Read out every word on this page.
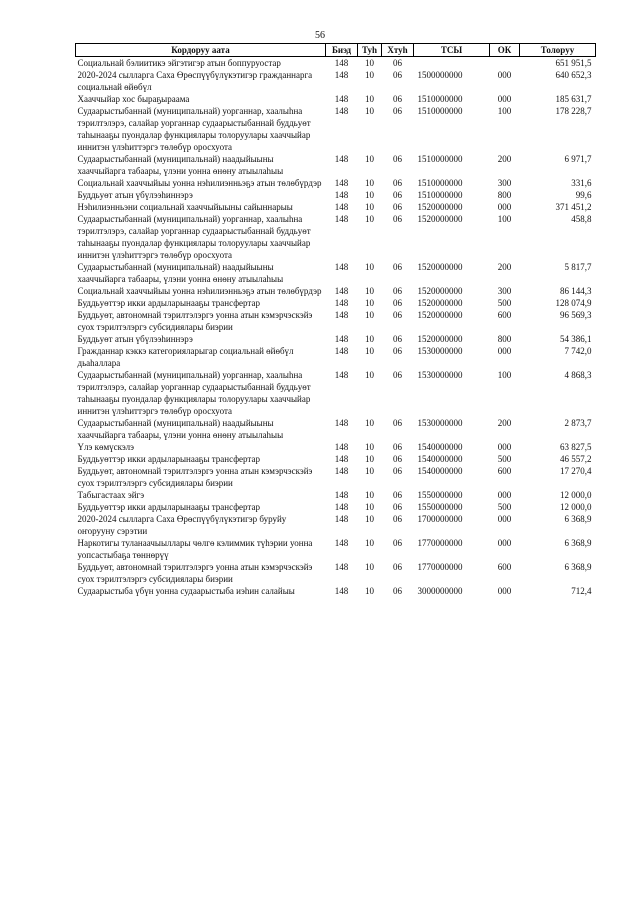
56
Кордоруу аата	Биэд	Туh	Хтуh	ТСЫ	ОК	Толоруу
Социальнай бэлиитикэ эйгэтигэр атын боппуруостар	148	10	06			651 951,5

2020-2024 сылларга Саха Өрөспүүбүлүкэтигэр гражданнарга социальнай өйөбүл	148	10	06	1500000000	000	640 652,3
Хааччыйар хос быраҕыраама	148	10	06	1510000000	000	185 631,7
Судаарыстыбаннай (муниципальнай) уорганнар, хаалыhна тэрилтэлэрэ, салайар уорганнар судаарыстыбаннай буддьуөт таhынааҕы пуондалар функциялары толоруулары хааччыйар иннитэн үлэhиттэргэ төлөбүр оросхуота	148	10	06	1510000000	100	178 228,7

Судаарыстыбаннай (муниципальнай) наадыйыыны хааччыйарга табаары, үлэни уонна өнөну атыылаhыы	148	10	06	1510000000	200	6 971,7

Социальнай хааччыйыы уонна нэhилиэнньэҕэ атын төлөбүрдэр	148	10	06	1510000000	300	331,6
Буддьуөт атын үбүлээhиннэрэ	148	10	06	1510000000	800	99,6
Нэhилиэнньэни социальнай хааччыйыыны сайыннарыы	148	10	06	1520000000	000	371 451,2
Судаарыстыбаннай (муниципальнай) уорганнар, хаалыhна тэрилтэлэрэ, салайар уорганнар судаарыстыбаннай буддьуөт таhынааҕы пуондалар функциялары толоруулары хааччыйар иннитэн үлэhиттэргэ төлөбүр оросхуота	148	10	06	1520000000	100	458,8

Судаарыстыбаннай (муниципальнай) наадыйыыны хааччыйарга табаары, үлэни уонна өнөну атыылаhыы	148	10	06	1520000000	200	5 817,7

Социальнай хааччыйыы уонна нэhилиэнньэҕэ атын төлөбүрдэр	148	10	06	1520000000	300	86 144,3
Буддьуөттэр икки ардыларынааҕы трансфертар	148	10	06	1520000000	500	128 074,9
Буддьуөт, автономнай тэрилтэлэргэ уонна атын кэмэрчэскэйэ суох тэрилтэлэргэ субсидиялары биэрии	148	10	06	1520000000	600	96 569,3
Буддьуөт атын үбүлээhиннэрэ	148	10	06	1520000000	800	54 386,1
Гражданнар кэккэ категорияларыгар социальнай өйөбүл дьаhаллара	148	10	06	1530000000	000	7 742,0
Судаарыстыбаннай (муниципальнай) уорганнар, хаалыhна тэрилтэлэрэ, салайар уорганнар судаарыстыбаннай буддьуөт таhынааҕы пуондалар функциялары толоруулары хааччыйар иннитэн үлэhиттэргэ төлөбүр оросхуота	148	10	06	1530000000	100	4 868,3

Судаарыстыбаннай (муниципальнай) наадыйыыны хааччыйарга табаары, үлэни уонна өнөну атыылаhыы	148	10	06	1530000000	200	2 873,7

Үлэ көмүскэлэ	148	10	06	1540000000	000	63 827,5
Буддьуөттэр икки ардыларынааҕы трансфертар	148	10	06	1540000000	500	46 557,2
Буддьуөт, автономнай тэрилтэлэргэ уонна атын кэмэрчэскэйэ суох тэрилтэлэргэ субсидиялары биэрии	148	10	06	1540000000	600	17 270,4
Табыгастаах эйгэ	148	10	06	1550000000	000	12 000,0
Буддьуөттэр икки ардыларынааҕы трансфертар	148	10	06	1550000000	500	12 000,0
2020-2024 сылларга Саха Өрөспүүбүлүкэтигэр буруйу оҥорууну сэрэтии	148	10	06	1700000000	000	6 368,9
Наркотигы туланаачыыллары чөлгө кэлиммик түhэрии уонна уопсастыбаҕа төннөрүү	148	10	06	1770000000	000	6 368,9
Буддьуөт, автономнай тэрилтэлэргэ уонна атын кэмэрчэскэйэ суох тэрилтэлэргэ субсидиялары биэрии	148	10	06	1770000000	600	6 368,9
Судаарыстыба үбүн уонна судаарыстыба иэhин салайыы	148	10	06	3000000000	000	712,4
